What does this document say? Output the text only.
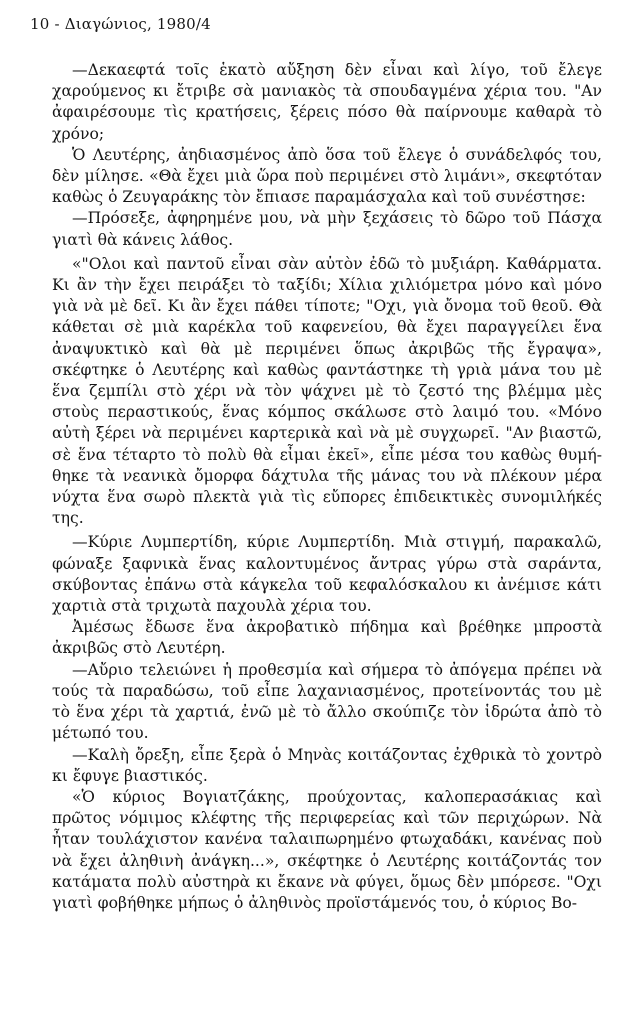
10 - Διαγώνιος, 1980/4

—Δεκαεφτά τοῖς ἑκατὸ αὔξηση δὲν εἶναι καὶ λίγο, τοῦ ἔλεγε χαρούμενος κι ἔτριβε σὰ μανιακὸς τὰ σπουδαγμένα χέρια του. "Αν ἀφαιρέσουμε τὶς κρατήσεις, ξέρεις πόσο θὰ παίρνουμε καθαρὰ τὸ χρόνο;

Ὁ Λευτέρης, ἀηδιασμένος ἀπὸ ὅσα τοῦ ἔλεγε ὁ συνάδελφός του, δὲν μίλησε. «Θὰ ἔχει μιὰ ὥρα ποὺ περιμένει στὸ λιμάνι», σκεφτόταν καθὼς ὁ Ζευγαράκης τὸν ἔπιασε παραμάσχαλα καὶ τοῦ συνέστησε:

—Πρόσεξε, ἀφηρημένε μου, νὰ μὴν ξεχάσεις τὸ δῶρο τοῦ Πάσχα γιατὶ θὰ κάνεις λάθος.

«"Ολοι καὶ παντοῦ εἶναι σὰν αὐτὸν ἐδῶ τὸ μυξιάρη. Καθάρματα. Κι ἂν τὴν ἔχει πειράξει τὸ ταξίδι; Χίλια χιλιόμετρα μόνο καὶ μόνο γιὰ νὰ μὲ δεῖ. Κι ἂν ἔχει πάθει τίποτε; "Οχι, γιὰ ὄνομα τοῦ θεοῦ. Θὰ κάθεται σὲ μιὰ καρέκλα τοῦ καφενείου, θὰ ἔχει παραγγείλει ἕνα ἀναψυκτικὸ καὶ θὰ μὲ περιμένει ὅπως ἀκριβῶς τῆς ἔγραψα», σκέφτηκε ὁ Λευτέρης καὶ καθὼς φαντάστηκε τὴ γριὰ μάνα του μὲ ἕνα ζεμπίλι στὸ χέρι νὰ τὸν ψάχνει μὲ τὸ ζεστό της βλέμμα μὲς στοὺς περαστικούς, ἕνας κόμπος σκάλωσε στὸ λαιμό του. «Μόνο αὐτὴ ξέρει νὰ περιμένει καρτερικὰ καὶ νὰ μὲ συγχωρεῖ. "Αν βιαστῶ, σὲ ἕνα τέταρτο τὸ πολὺ θὰ εἶμαι ἐκεῖ», εἶπε μέσα του καθὼς θυμήθηκε τὰ νεανικὰ ὄμορφα δάχτυλα τῆς μάνας του νὰ πλέκουν μέρα νύχτα ἕνα σωρὸ πλεκτὰ γιὰ τὶς εὔπορες ἐπιδεικτικὲς συνομιλήκές της.

—Κύριε Λυμπερτίδη, κύριε Λυμπερτίδη. Μιὰ στιγμή, παρακαλῶ, φώναξε ξαφνικὰ ἕνας καλοντυμένος ἄντρας γύρω στὰ σαράντα, σκύβοντας ἐπάνω στὰ κάγκελα τοῦ κεφαλόσκαλου κι ἀνέμισε κάτι χαρτιὰ στὰ τριχωτὰ παχουλὰ χέρια του.

Ἀμέσως ἔδωσε ἕνα ἀκροβατικὸ πήδημα καὶ βρέθηκε μπροστὰ ἀκριβῶς στὸ Λευτέρη.

—Αὔριο τελειώνει ἡ προθεσμία καὶ σήμερα τὸ ἀπόγεμα πρέπει νὰ τούς τὰ παραδώσω, τοῦ εἶπε λαχανιασμένος, προτείνοντάς του μὲ τὸ ἕνα χέρι τὰ χαρτιά, ἐνῶ μὲ τὸ ἄλλο σκούπιζε τὸν ἱδρώτα ἀπὸ τὸ μέτωπό του.

—Καλὴ ὄρεξη, εἶπε ξερὰ ὁ Μηνὰς κοιτάζοντας ἐχθρικὰ τὸ χοντρὸ κι ἔφυγε βιαστικός.

«Ὁ κύριος Βογιατζάκης, προύχοντας, καλοπερασάκιας καὶ πρῶτος νόμιμος κλέφτης τῆς περιφερείας καὶ τῶν περιχώρων. Νὰ ἦταν τουλάχιστον κανένα ταλαιπωρημένο φτωχαδάκι, κανένας ποὺ νὰ ἔχει ἀληθινὴ ἀνάγκη...», σκέφτηκε ὁ Λευτέρης κοιτάζοντάς τον κατάματα πολὺ αὐστηρὰ κι ἔκανε νὰ φύγει, ὅμως δὲν μπόρεσε. "Οχι γιατὶ φοβήθηκε μήπως ὁ ἀληθινὸς προϊστάμενός του, ὁ κύριος Βο-
